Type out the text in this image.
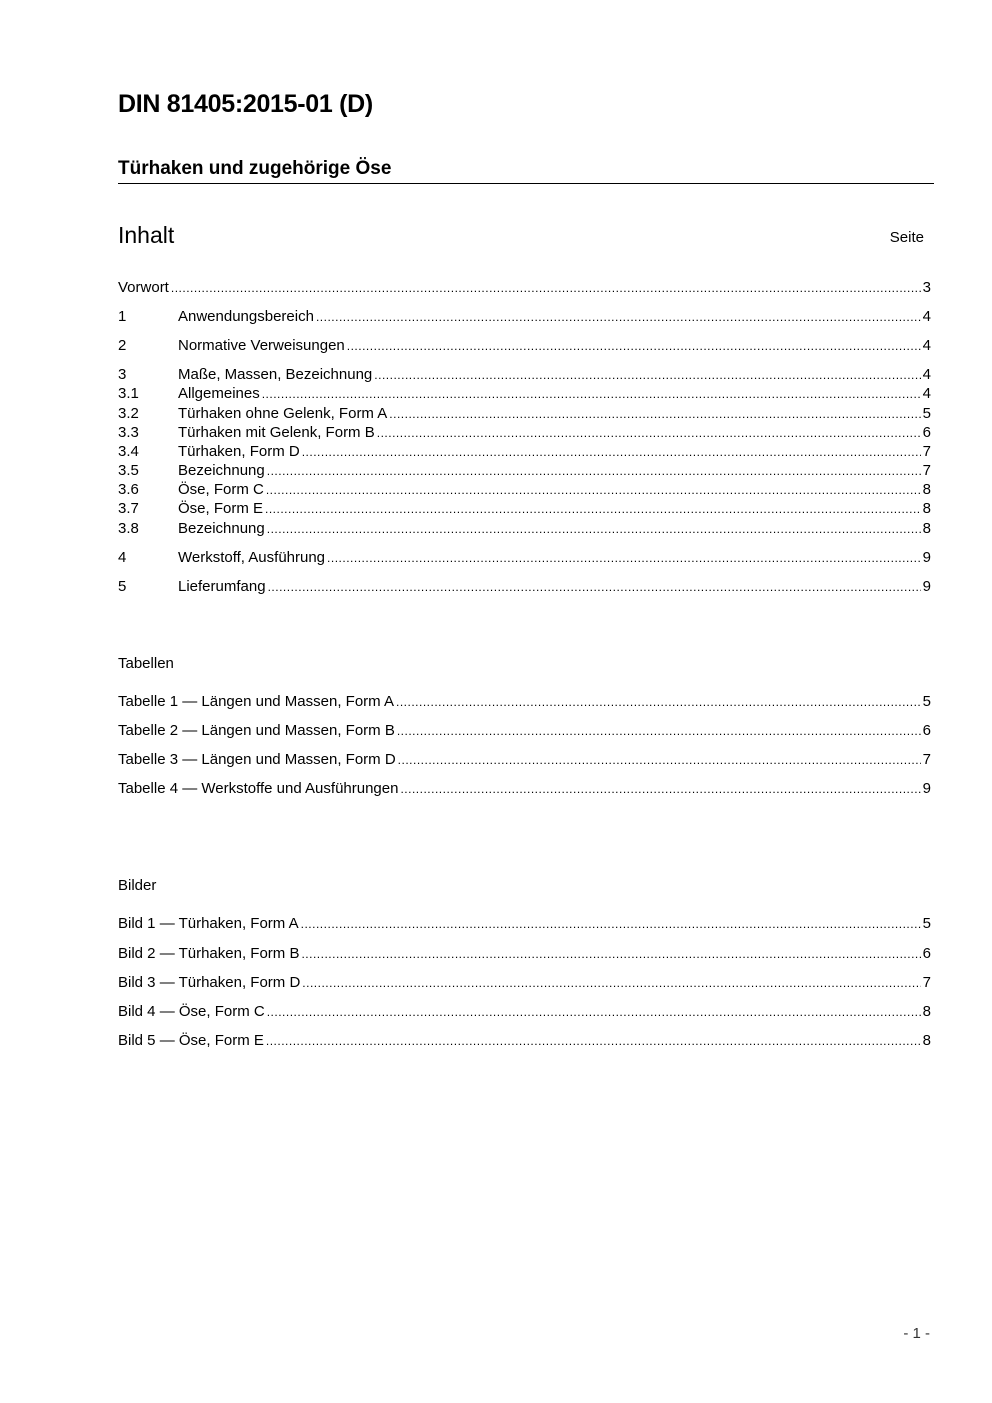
DIN 81405:2015-01 (D)
Türhaken und zugehörige Öse
Inhalt	Seite
Vorwort .....	3
1	Anwendungsbereich .....	4
2	Normative Verweisungen .....	4
3	Maße, Massen, Bezeichnung .....	4
3.1	Allgemeines .....	4
3.2	Türhaken ohne Gelenk, Form A .....	5
3.3	Türhaken mit Gelenk, Form B .....	6
3.4	Türhaken, Form D .....	7
3.5	Bezeichnung .....	7
3.6	Öse, Form C .....	8
3.7	Öse, Form E .....	8
3.8	Bezeichnung .....	8
4	Werkstoff, Ausführung .....	9
5	Lieferumfang .....	9
Tabellen
Tabelle 1 — Längen und Massen, Form A .....	5
Tabelle 2 — Längen und Massen, Form B .....	6
Tabelle 3 — Längen und Massen, Form D .....	7
Tabelle 4 — Werkstoffe und Ausführungen .....	9
Bilder
Bild 1 — Türhaken, Form A .....	5
Bild 2 — Türhaken, Form B .....	6
Bild 3 — Türhaken, Form D .....	7
Bild 4 — Öse, Form C .....	8
Bild 5 — Öse, Form E .....	8
- 1 -
